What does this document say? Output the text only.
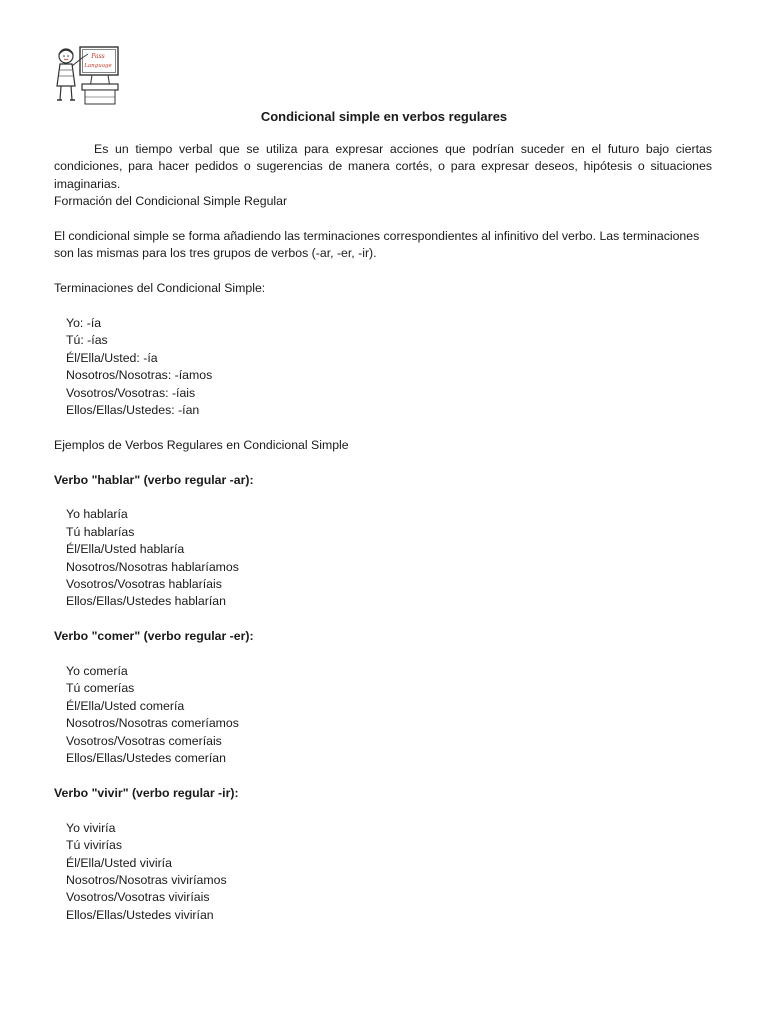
Pass
Language
Condicional simple en verbos regulares

Es un tiempo verbal que se utiliza para expresar acciones que podrían suceder en el futuro bajo ciertas condiciones, para hacer pedidos o sugerencias de manera cortés, o para expresar deseos, hipótesis o situaciones imaginarias.

Formación del Condicional Simple Regular

El condicional simple se forma añadiendo las terminaciones correspondientes al infinitivo del verbo. Las terminaciones son las mismas para los tres grupos de verbos (-ar, -er, -ir).

Terminaciones del Condicional Simple:

Yo: -ía

Tú: -ías

Él/Ella/Usted: -ía

Nosotros/Nosotras: -íamos

Vosotros/Vosotras: -íais

Ellos/Ellas/Ustedes: -ían

Ejemplos de Verbos Regulares en Condicional Simple

Verbo "hablar" (verbo regular -ar):

Yo hablaría

Tú hablarías

Él/Ella/Usted hablaría

Nosotros/Nosotras hablaríamos

Vosotros/Vosotras hablaríais

Ellos/Ellas/Ustedes hablarían

Verbo "comer" (verbo regular -er):

Yo comería

Tú comerías

Él/Ella/Usted comería

Nosotros/Nosotras comeríamos

Vosotros/Vosotras comeríais

Ellos/Ellas/Ustedes comerían

Verbo "vivir" (verbo regular -ir):

Yo viviría

Tú vivirías

Él/Ella/Usted viviría

Nosotros/Nosotras viviríamos

Vosotros/Vosotras viviríais

Ellos/Ellas/Ustedes vivirían
